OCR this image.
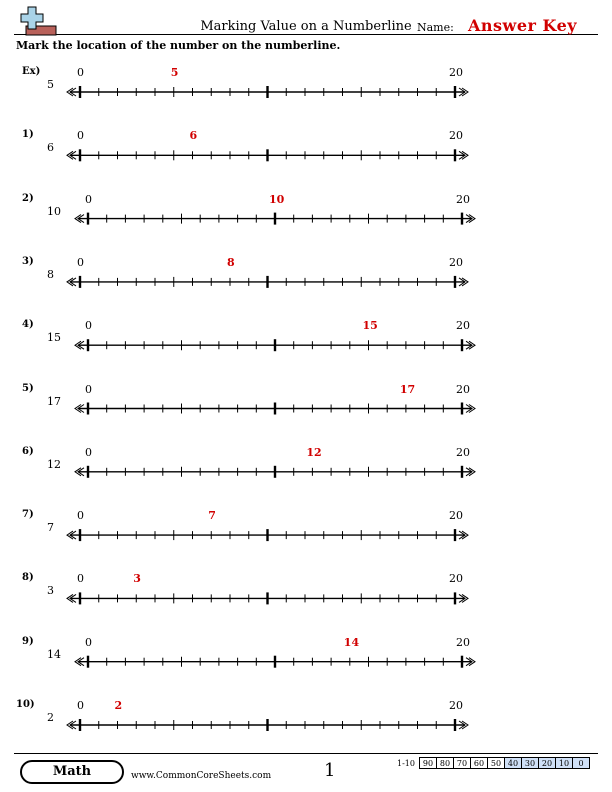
Marking Value on a Numberline Name: Answer Key
Mark the location of the number on the numberline.
Ex)
5
0	20
5
1)
6
0	20
6
2)
10
0	20
10
3)
8
0	20
8
4)
15
0	20
15
5)
17
0	20
17
6)
12
0	20
12
7)
7
0	20
7
8)
3
0	20
3
9)
14
0	20
14
10)
2
0	20
2
Math	www.CommonCoreSheets.com	1	1-10	90	80	70	60	50	40	30	20	10	0
